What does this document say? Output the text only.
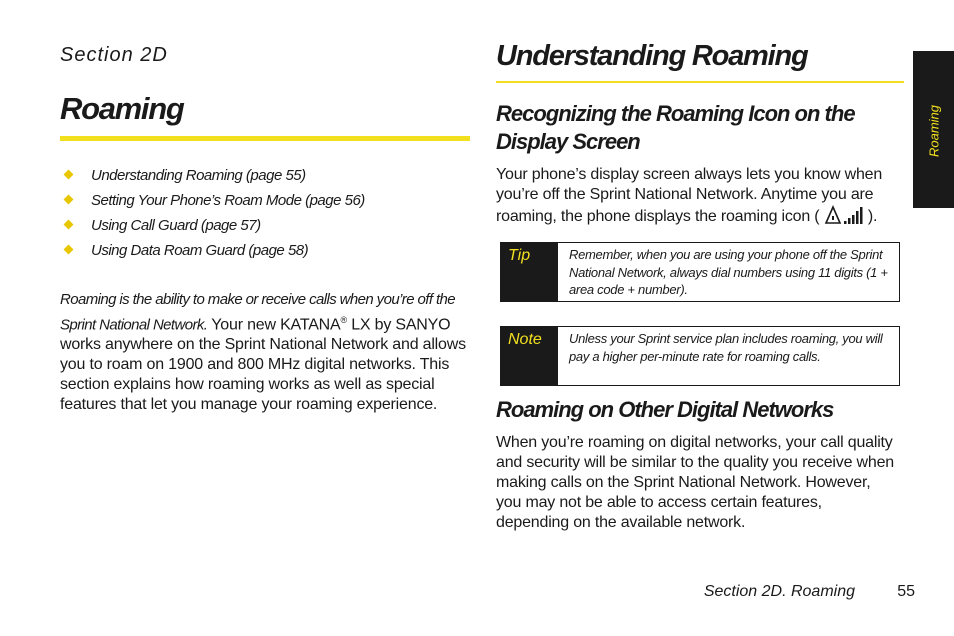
Section 2D

Roaming
Understanding Roaming (page 55)
Setting Your Phone’s Roam Mode (page 56)
Using Call Guard (page 57)
Using Data Roam Guard (page 58)
Roaming is the ability to make or receive calls when you’re off the Sprint National Network. Your new KATANA® LX by SANYO works anywhere on the Sprint National Network and allows you to roam on 1900 and 800 MHz digital networks. This section explains how roaming works as well as special features that let you manage your roaming experience.
Understanding Roaming
Recognizing the Roaming Icon on the Display Screen

Your phone’s display screen always lets you know when you’re off the Sprint National Network. Anytime you are roaming, the phone displays the roaming icon (	).

Tip	Remember, when you are using your phone off the Sprint National Network, always dial numbers using 11 digits (1 + area code + number).
Note	Unless your Sprint service plan includes roaming, you will pay a higher per-minute rate for roaming calls.
Roaming on Other Digital Networks

When you’re roaming on digital networks, your call quality and security will be similar to the quality you receive when making calls on the Sprint National Network. However, you may not be able to access certain features, depending on the available network.

Roaming
Section 2D. Roaming	55
